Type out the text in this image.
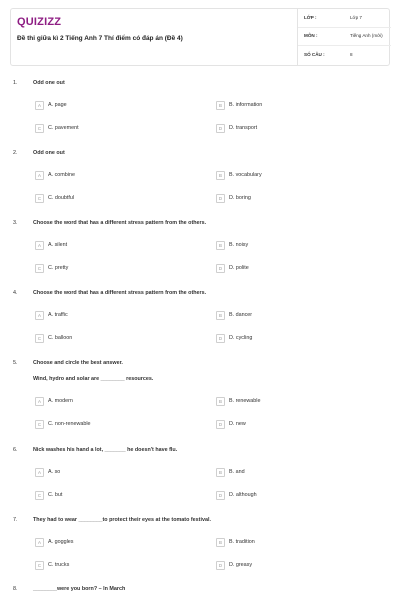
QUIZIZZ
Đề thi giữa kì 2 Tiếng Anh 7 Thí điểm có đáp án (Đề 4)
LỚP :	Lớp 7
MÔN :	Tiếng Anh (mới)
SỐ CÂU :	8
1.	Odd one out
A	A. page	B	B. information
C	C. pavement	D	D. transport
2.	Odd one out
A	A. combine	B	B. vocabulary
C	C. doubtful	D	D. boring
3.	Choose the word that has a different stress pattern from the others.
A	A. silent	B	B. noisy
C	C. pretty	D	D. polite
4.	Choose the word that has a different stress pattern from the others.
A	A. traffic	B	B. dancer
C	C. balloon	D	D. cycling
5.	Choose and circle the best answer.
Wind, hydro and solar are ________ resources.
A	A. modern	B	B. renewable
C	C. non-renewable	D	D. new
6.	Nick washes his hand a lot, _______ he doesn't have flu.
A	A. so	B	B. and
C	C. but	D	D. although
7.	They had to wear ________to protect their eyes at the tomato festival.
A	A. goggles	B	B. tradition
C	C. trucks	D	D. greasy
8.	________were you born? – In March
